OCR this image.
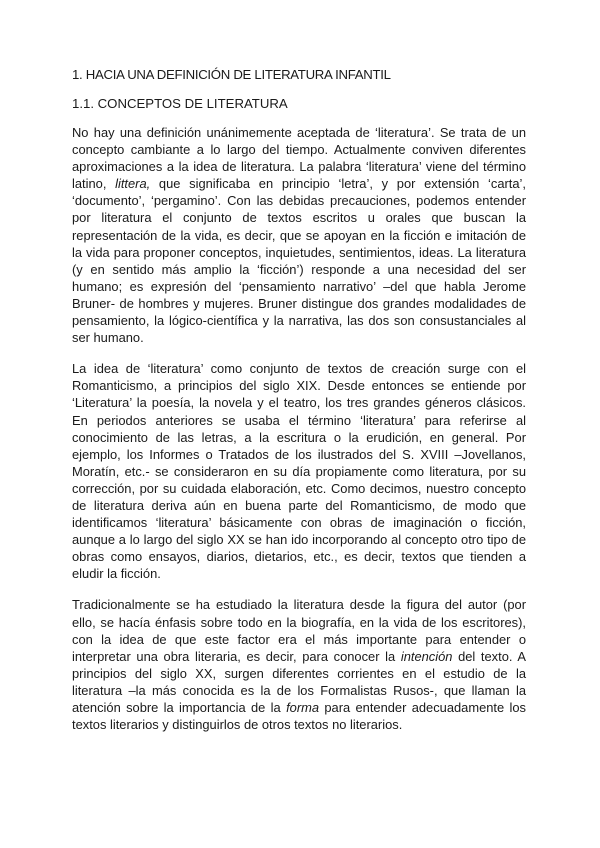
1. HACIA UNA DEFINICIÓN DE LITERATURA INFANTIL
1.1. CONCEPTOS DE LITERATURA

No hay una definición unánimemente aceptada de ‘literatura’. Se trata de un concepto cambiante a lo largo del tiempo. Actualmente conviven diferentes aproximaciones a la idea de literatura. La palabra ‘literatura’ viene del término latino, littera, que significaba en principio ‘letra’, y por extensión ‘carta’, ‘documento’, ‘pergamino’. Con las debidas precauciones, podemos entender por literatura el conjunto de textos escritos u orales que buscan la representación de la vida, es decir, que se apoyan en la ficción e imitación de la vida para proponer conceptos, inquietudes, sentimientos, ideas. La literatura (y en sentido más amplio la ‘ficción’) responde a una necesidad del ser humano; es expresión del ‘pensamiento narrativo’ –del que habla Jerome Bruner- de hombres y mujeres. Bruner distingue dos grandes modalidades de pensamiento, la lógico-científica y la narrativa, las dos son consustanciales al ser humano.

La idea de ‘literatura’ como conjunto de textos de creación surge con el Romanticismo, a principios del siglo XIX. Desde entonces se entiende por ‘Literatura’ la poesía, la novela y el teatro, los tres grandes géneros clásicos. En periodos anteriores se usaba el término ‘literatura’ para referirse al conocimiento de las letras, a la escritura o la erudición, en general. Por ejemplo, los Informes o Tratados de los ilustrados del S. XVIII –Jovellanos, Moratín, etc.- se consideraron en su día propiamente como literatura, por su corrección, por su cuidada elaboración, etc. Como decimos, nuestro concepto de literatura deriva aún en buena parte del Romanticismo, de modo que identificamos ‘literatura’ básicamente con obras de imaginación o ficción, aunque a lo largo del siglo XX se han ido incorporando al concepto otro tipo de obras como ensayos, diarios, dietarios, etc., es decir, textos que tienden a eludir la ficción.

Tradicionalmente se ha estudiado la literatura desde la figura del autor (por ello, se hacía énfasis sobre todo en la biografía, en la vida de los escritores), con la idea de que este factor era el más importante para entender o interpretar una obra literaria, es decir, para conocer la intención del texto. A principios del siglo XX, surgen diferentes corrientes en el estudio de la literatura –la más conocida es la de los Formalistas Rusos-, que llaman la atención sobre la importancia de la forma para entender adecuadamente los textos literarios y distinguirlos de otros textos no literarios.
